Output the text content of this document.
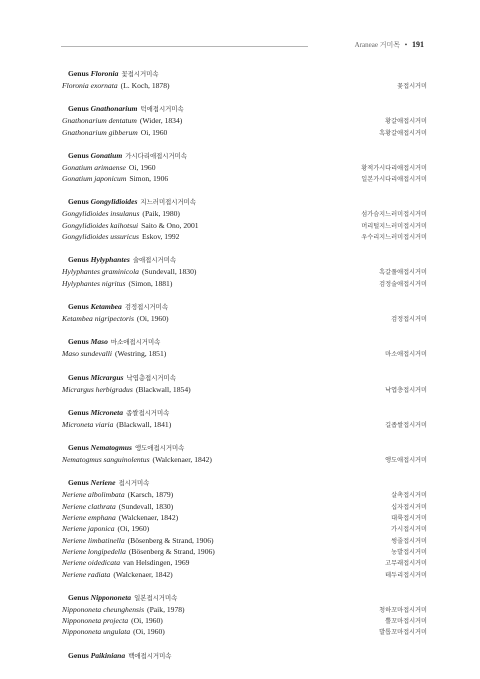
Araneae 거미목 • 191
Genus Floronia 꽃접시거미속
Floronia exornata (L. Koch, 1878)	꽃접시거미
Genus Gnathonarium 턱애접시거미속
Gnathonarium dentatum (Wider, 1834)	황갈애접시거미
Gnathonarium gibberum Oi, 1960	흑황갈애접시거미
Genus Gonatium 가시다리애접시거미속
Gonatium arimaense Oi, 1960	황적가시다리애접시거미
Gonatium japonicum Simon, 1906	일본가시다리애접시거미
Genus Gongylidioides 지느러미접시거미속
Gongylidioides insulanus (Paik, 1980)	섬가슴지느러미접시거미
Gongylidioides kaihotsui Saito & Ono, 2001	머리털지느러미접시거미
Gongylidioides ussuricus Eskov, 1992	우수리지느러미접시거미
Genus Hylyphantes 술애접시거미속
Hylyphantes graminicola (Sundevall, 1830)	흑갈풀애접시거미
Hylyphantes nigritus (Simon, 1881)	검정술애접시거미
Genus Ketambea 검정접시거미속
Ketambea nigripectoris (Oi, 1960)	검정접시거미
Genus Maso 마소애접시거미속
Maso sundevalli (Westring, 1851)	마소애접시거미
Genus Micrargus 낙엽층접시거미속
Micrargus herbigradus (Blackwall, 1854)	낙엽층접시거미
Genus Microneta 좁쌀접시거미속
Microneta viaria (Blackwall, 1841)	길좁쌀접시거미
Genus Nematogmus 앵도애접시거미속
Nematogmus sanguinolentus (Walckenaer, 1842)	앵도애접시거미
Genus Neriene 접시거미속
Neriene albolimbata (Karsch, 1879)	살촉접시거미
Neriene clathrata (Sundevall, 1830)	십자접시거미
Neriene emphana (Walckenaer, 1842)	대륙접시거미
Neriene japonica (Oi, 1960)	가시접시거미
Neriene limbatinella (Bösenberg & Strand, 1906)	썽줄접시거미
Neriene longipedella (Bösenberg & Strand, 1906)	농발접시거미
Neriene oidedicata van Helsdingen, 1969	고무래접시거미
Neriene radiata (Walckenaer, 1842)	테두리접시거미
Genus Nippononeta 일본접시거미속
Nippononeta cheunghensis (Paik, 1978)	청하꼬마접시거미
Nippononeta projecta (Oi, 1960)	뿔꼬마접시거미
Nippononeta ungulata (Oi, 1960)	발톱꼬마접시거미
Genus Paikiniana 백애접시거미속
